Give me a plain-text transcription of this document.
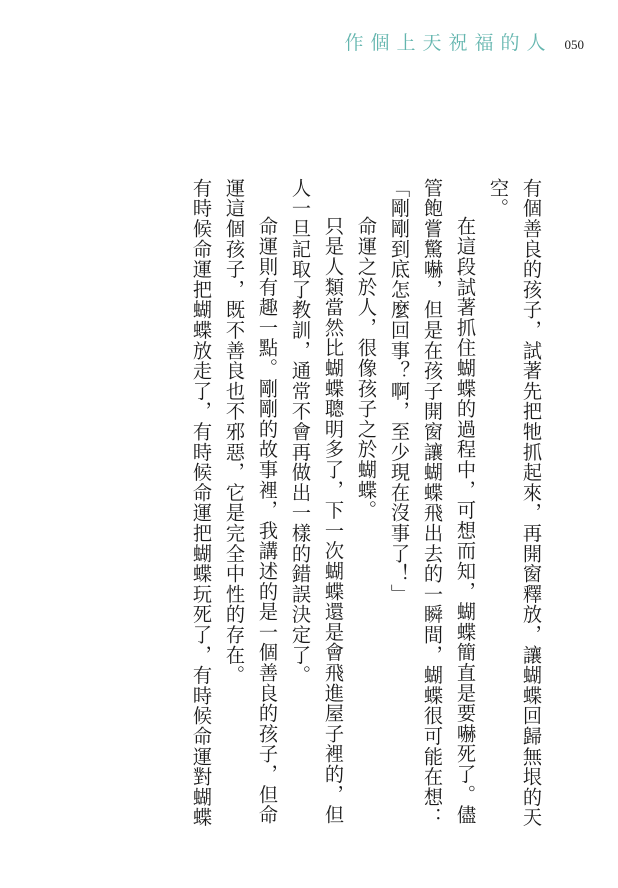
作個上天祝福的人 050

有個善良的孩子，試著先把牠抓起來，再開窗釋放，讓蝴蝶回歸無垠的天空。

在這段試著抓住蝴蝶的過程中，可想而知，蝴蝶簡直是要嚇死了。儘管飽嘗驚嚇，但是在孩子開窗讓蝴蝶飛出去的一瞬間，蝴蝶很可能在想：「剛剛到底怎麼回事？啊，至少現在沒事了！」

命運之於人，很像孩子之於蝴蝶。

只是人類當然比蝴蝶聰明多了，下一次蝴蝶還是會飛進屋子裡的，但人一旦記取了教訓，通常不會再做出一樣的錯誤決定了。

命運則有趣一點。剛剛的故事裡，我講述的是一個善良的孩子，但命運這個孩子，既不善良也不邪惡，它是完全中性的存在。

有時候命運把蝴蝶放走了，有時候命運把蝴蝶玩死了，有時候命運對蝴蝶
